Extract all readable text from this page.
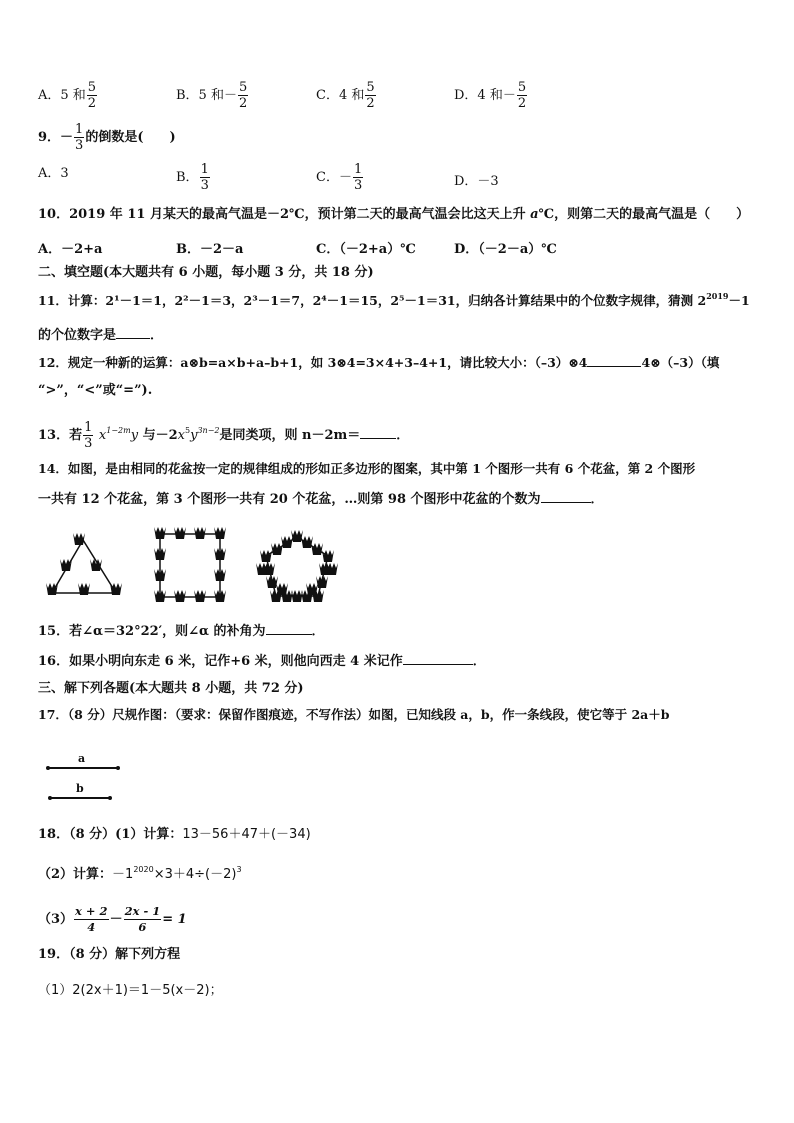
A．5 和 $\frac{5}{2}$	B．5 和－ $\frac{5}{2}$	C．4 和 $\frac{5}{2}$	D．4 和－ $\frac{5}{2}$
9．－ $\frac{1}{3}$ 的倒数是(　　)
A．3	B． $\frac{1}{3}$	C．－ $\frac{1}{3}$	D．－3
10．2019 年 11 月某天的最高气温是－2℃，预计第二天的最高气温会比这天上升 a℃，则第二天的最高气温是（　　）
A．－2+a	B．－2－a	C．（－2+a）℃	D．（－2－a）℃
二、填空题(本大题共有 6 小题，每小题 3 分，共 18 分)
11．计算：2¹－1＝1，2²－1＝3，2³－1＝7，2⁴－1＝15，2⁵－1＝31，归纳各计算结果中的个位数字规律，猜测 $2^{2019}-1$
的个位数字是	．
12．规定一种新的运算：a⊗b=a×b+a–b+1，如 3⊗4=3×4+3–4+1，请比较大小：（–3）⊗4	4⊗（–3）（填
“>”，“<”或“=”).
13．若 $\frac{1}{3} x^{1-2m}y$ 与$-2x^5y^{3n-2}$是同类项，则 n－2m＝	．
14．如图，是由相同的花盆按一定的规律组成的形如正多边形的图案，其中第 1 个图形一共有 6 个花盆，第 2 个图形
一共有 12 个花盆，第 3 个图形一共有 20 个花盆，…则第 98 个图形中花盆的个数为	．
15．若∠α＝32°22′，则∠α 的补角为	．
16．如果小明向东走 6 米，记作+6 米，则他向西走 4 米记作	．
三、解下列各题(本大题共 8 小题，共 72 分)
17．（8 分）尺规作图：（要求：保留作图痕迹，不写作法）如图，已知线段 a，b，作一条线段，使它等于 2a＋b
a
b
18．（8 分）(1）计算：13－56＋47＋(－34)
（2）计算：$-1^{2020}\times 3+4\div(-2)^3$
$(3) \frac{x + 2}{4} - \frac{2x - 1}{6} = 1$
19．（8 分）解下列方程
（1）2(2x＋1)＝1－5(x－2)；
